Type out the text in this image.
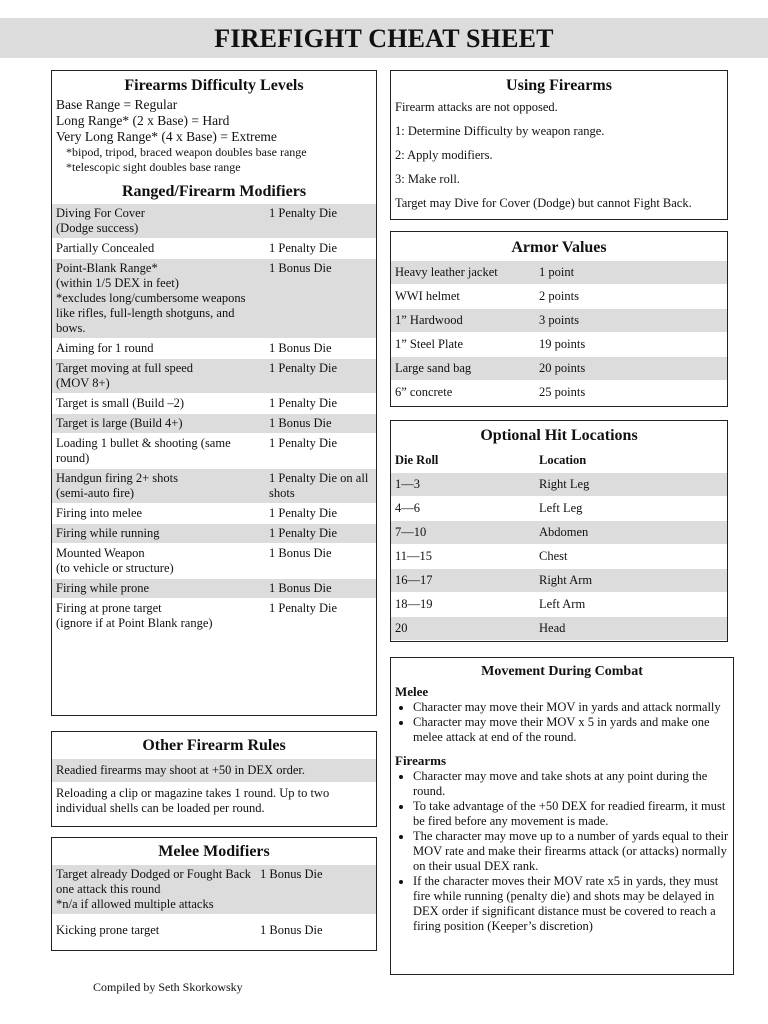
FIREFIGHT CHEAT SHEET
Firearms Difficulty Levels
Base Range = Regular
Long Range* (2 x Base) = Hard
Very Long Range* (4 x Base) = Extreme
*bipod, tripod, braced weapon doubles base range
*telescopic sight doubles base range
Ranged/Firearm Modifiers
Diving For Cover
(Dodge success)	1 Penalty Die
Partially Concealed	1 Penalty Die
Point-Blank Range*
(within 1/5 DEX in feet)
*excludes long/cumbersome weapons like rifles, full-length shotguns, and bows.	1 Bonus Die
Aiming for 1 round	1 Bonus Die
Target moving at full speed
(MOV 8+)	1 Penalty Die
Target is small (Build –2)	1 Penalty Die
Target is large (Build 4+)	1 Bonus Die
Loading 1 bullet & shooting (same round)	1 Penalty Die
Handgun firing 2+ shots
(semi-auto fire)	1 Penalty Die on all shots
Firing into melee	1 Penalty Die
Firing while running	1 Penalty Die
Mounted Weapon
(to vehicle or structure)	1 Bonus Die
Firing while prone	1 Bonus Die
Firing at prone target
(ignore if at Point Blank range)	1 Penalty Die
Other Firearm Rules
Readied firearms may shoot at +50 in DEX order.
Reloading a clip or magazine takes 1 round. Up to two individual shells can be loaded per round.
Melee Modifiers
Target already Dodged or Fought Back one attack this round
*n/a if allowed multiple attacks	1 Bonus Die
Kicking prone target	1 Bonus Die
Using Firearms
Firearm attacks are not opposed.
1: Determine Difficulty by weapon range.
2: Apply modifiers.
3: Make roll.
Target may Dive for Cover (Dodge) but cannot Fight Back.
Armor Values
Heavy leather jacket	1 point
WWI helmet	2 points
1” Hardwood	3 points
1” Steel Plate	19 points
Large sand bag	20 points
6” concrete	25 points
Optional Hit Locations
Die Roll	Location
1—3	Right Leg
4—6	Left Leg
7—10	Abdomen
11—15	Chest
16—17	Right Arm
18—19	Left Arm
20	Head
Movement During Combat
Melee
• Character may move their MOV in yards and attack normally
• Character may move their MOV x 5 in yards and make one melee attack at end of the round.
Firearms
• Character may move and take shots at any point during the round.
• To take advantage of the +50 DEX for readied firearm, it must be fired before any movement is made.
• The character may move up to a number of yards equal to their MOV rate and make their firearms attack (or attacks) normally on their usual DEX rank.
• If the character moves their MOV rate x5 in yards, they must fire while running (penalty die) and shots may be delayed in DEX order if significant distance must be covered to reach a firing position (Keeper’s discretion)
Compiled by Seth Skorkowsky
